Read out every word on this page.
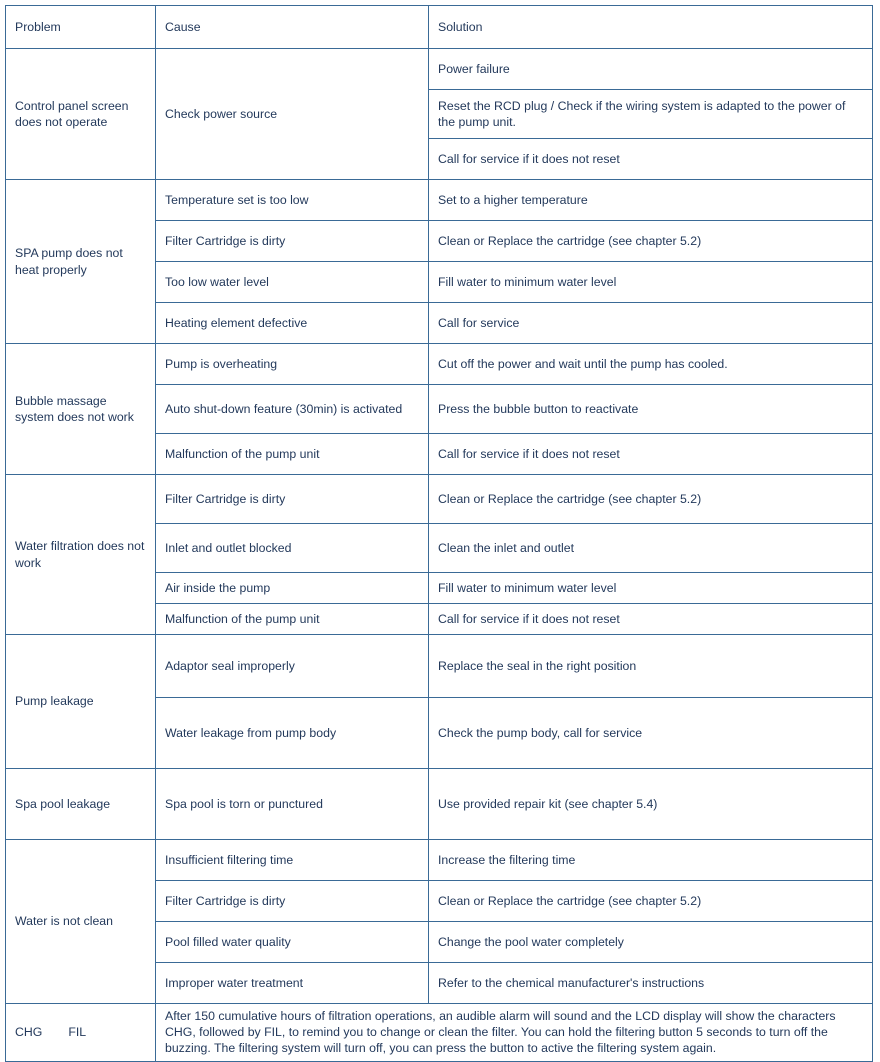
Problem	Cause	Solution
Control panel screen does not operate	Check power source	Power failure
		Reset the RCD plug / Check if the wiring system is adapted to the power of the pump unit.
		Call for service if it does not reset
SPA pump does not heat properly	Temperature set is too low	Set to a higher temperature
	Filter Cartridge is dirty	Clean or Replace the cartridge (see chapter 5.2)
	Too low water level	Fill water to minimum water level
	Heating element defective	Call for service
Bubble massage system does not work	Pump is overheating	Cut off the power and wait until the pump has cooled.
	Auto shut-down feature (30min) is activated	Press the bubble button to reactivate
	Malfunction of the pump unit	Call for service if it does not reset
Water filtration does not work	Filter Cartridge is dirty	Clean or Replace the cartridge (see chapter 5.2)
	Inlet and outlet blocked	Clean the inlet and outlet
	Air inside the pump	Fill water to minimum water level
	Malfunction of the pump unit	Call for service if it does not reset
Pump leakage	Adaptor seal improperly	Replace the seal in the right position
	Water leakage from pump body	Check the pump body, call for service
Spa pool leakage	Spa pool is torn or punctured	Use provided repair kit (see chapter 5.4)
Water is not clean	Insufficient filtering time	Increase the filtering time
	Filter Cartridge is dirty	Clean or Replace the cartridge (see chapter 5.2)
	Pool filled water quality	Change the pool water completely
	Improper water treatment	Refer to the chemical manufacturer's instructions

CHG FIL	After 150 cumulative hours of filtration operations, an audible alarm will sound and the LCD display will show the characters CHG, followed by FIL, to remind you to change or clean the filter. You can hold the filtering button 5 seconds to turn off the buzzing. The filtering system will turn off, you can press the button to active the filtering system again.	
